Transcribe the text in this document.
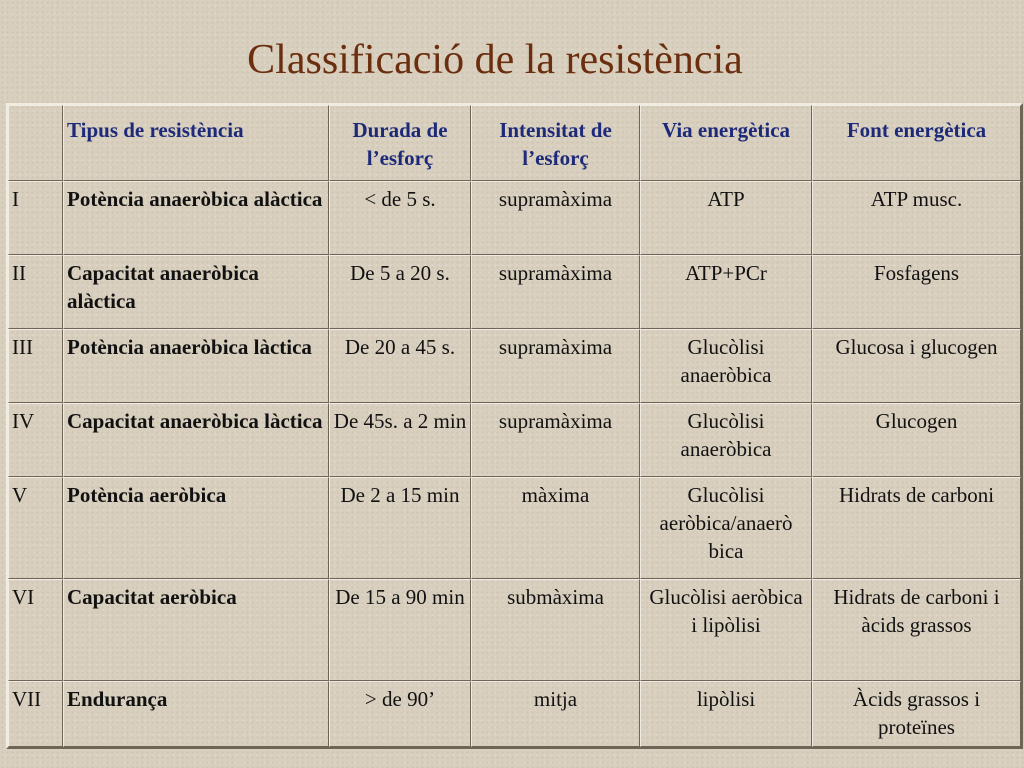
Classificació de la resistència
	Tipus de resistència	Durada de l’esforç	Intensitat de l’esforç	Via energètica	Font energètica
I	Potència anaeròbica alàctica	< de 5 s.	supramàxima	ATP	ATP musc.
II	Capacitat anaeròbica alàctica	De 5 a 20 s.	supramàxima	ATP+PCr	Fosfagens
III	Potència anaeròbica làctica	De 20 a 45 s.	supramàxima	Glucòlisi anaeròbica	Glucosa i glucogen
IV	Capacitat anaeròbica làctica	De 45s. a 2 min	supramàxima	Glucòlisi anaeròbica	Glucogen
V	Potència aeròbica	De 2 a 15 min	màxima	Glucòlisi aeròbica/anaerò bica	Hidrats de carboni
VI	Capacitat aeròbica	De 15 a 90 min	submàxima	Glucòlisi aeròbica i lipòlisi	Hidrats de carboni i àcids grassos
VII	Endurança	> de 90’	mitja	lipòlisi	Àcids grassos i proteïnes
